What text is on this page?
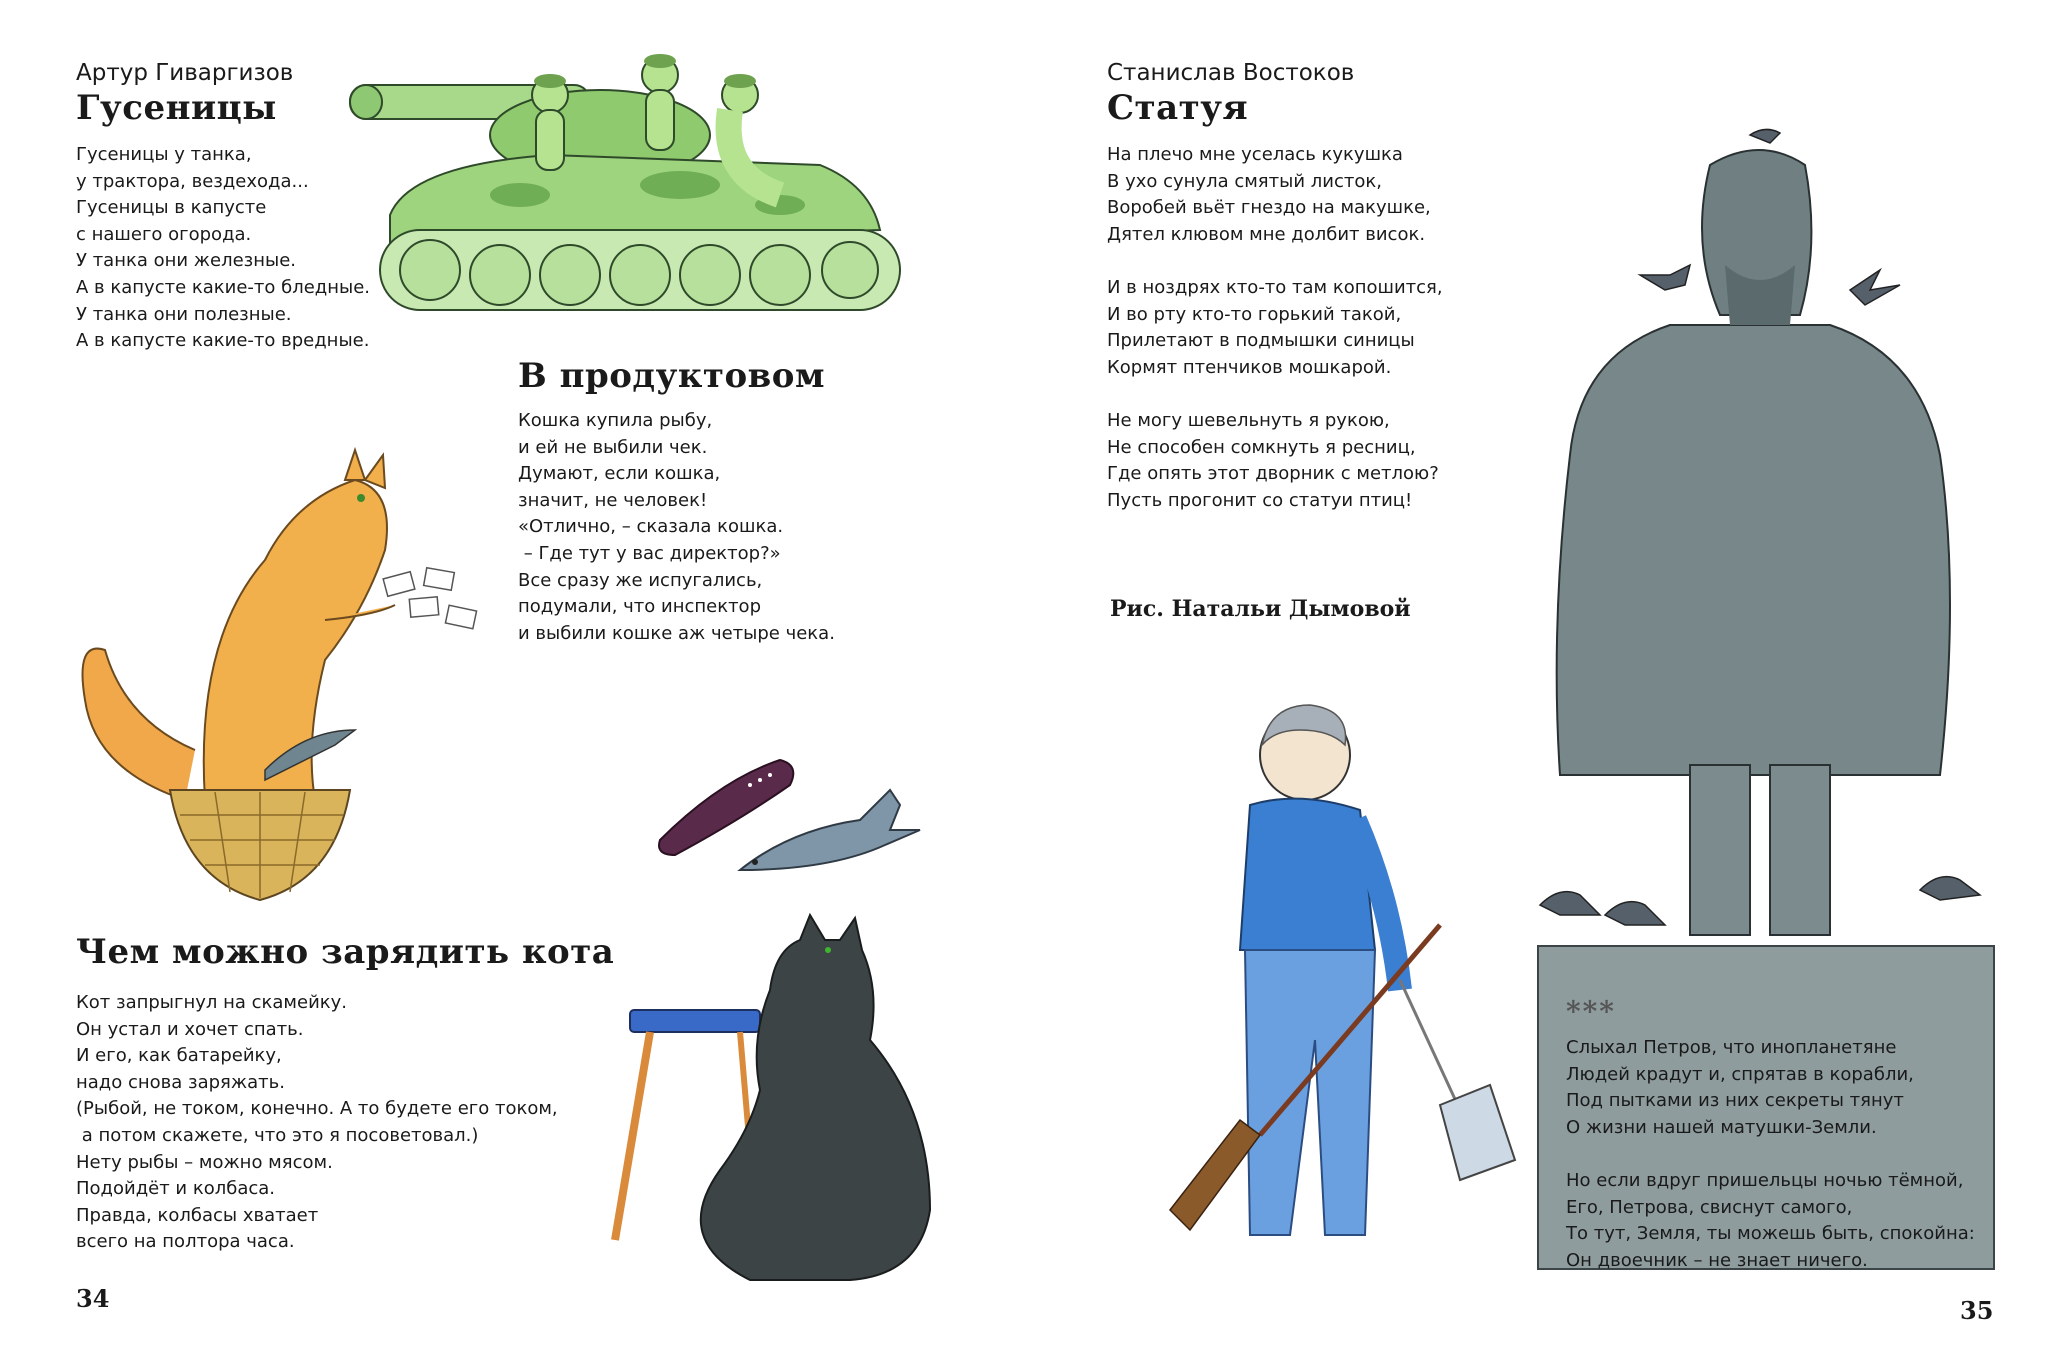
Артур Гиваргизов
Гусеницы
Гусеницы у танка,
у трактора, вездехода...
Гусеницы в капусте
с нашего огорода.
У танка они железные.
А в капусте какие-то бледные.
У танка они полезные.
А в капусте какие-то вредные.
В продуктовом
Кошка купила рыбу,
и ей не выбили чек.
Думают, если кошка,
значит, не человек!
«Отлично, – сказала кошка.
– Где тут у вас директор?»
Все сразу же испугались,
подумали, что инспектор
и выбили кошке аж четыре чека.
Чем можно зарядить кота
Кот запрыгнул на скамейку.
Он устал и хочет спать.
И его, как батарейку,
надо снова заряжать.
(Рыбой, не током, конечно. А то будете его током,
а потом скажете, что это я посоветовал.)
Нету рыбы – можно мясом.
Подойдёт и колбаса.
Правда, колбасы хватает
всего на полтора часа.
34
Станислав Востоков
Статуя
На плечо мне уселась кукушка
В ухо сунула смятый листок,
Воробей вьёт гнездо на макушке,
Дятел клювом мне долбит висок.
И в ноздрях кто-то там копошится,
И во рту кто-то горький такой,
Прилетают в подмышки синицы
Кормят птенчиков мошкарой.
Не могу шевельнуть я рукою,
Не способен сомкнуть я ресниц,
Где опять этот дворник с метлою?
Пусть прогонит со статуи птиц!
Рис. Натальи Дымовой
***
Слыхал Петров, что инопланетяне
Людей крадут и, спрятав в корабли,
Под пытками из них секреты тянут
О жизни нашей матушки-Земли.
Но если вдруг пришельцы ночью тёмной,
Его, Петрова, свиснут самого,
То тут, Земля, ты можешь быть, спокойна:
Он двоечник – не знает ничего.
35
